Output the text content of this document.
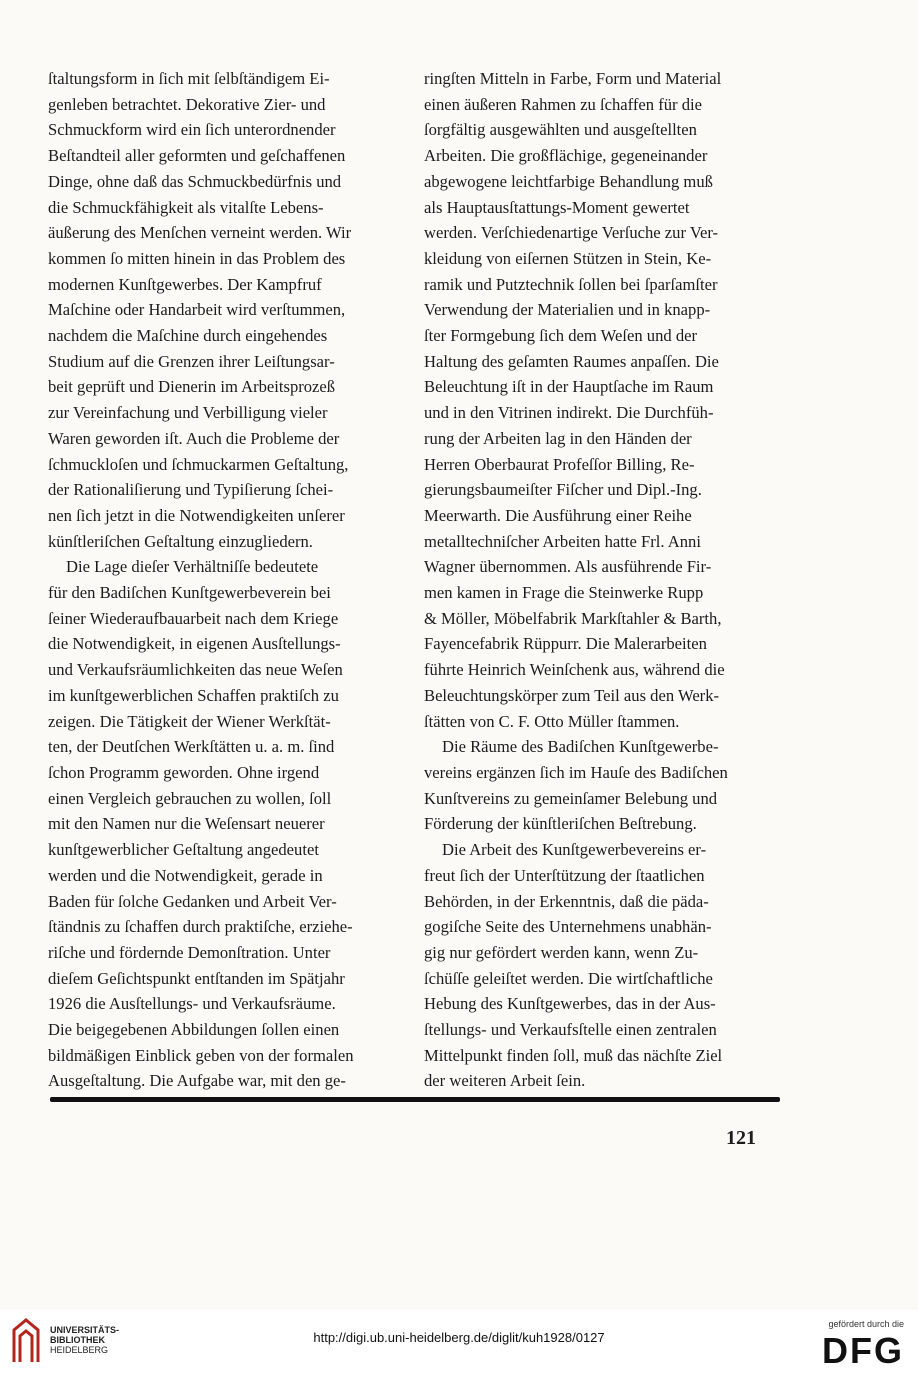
ſtaltungsform in ſich mit ſelbſtändigem Ei-

genleben betrachtet. Dekorative Zier- und

Schmuckform wird ein ſich unterordnender

Beſtandteil aller geformten und geſchaffenen

Dinge, ohne daß das Schmuckbedürfnis und

die Schmuckfähigkeit als vitalſte Lebens-

äußerung des Menſchen verneint werden. Wir

kommen ſo mitten hinein in das Problem des

modernen Kunſtgewerbes. Der Kampfruf

Maſchine oder Handarbeit wird verſtummen,

nachdem die Maſchine durch eingehendes

Studium auf die Grenzen ihrer Leiſtungsar-

beit geprüft und Dienerin im Arbeitsprozeß

zur Vereinfachung und Verbilligung vieler

Waren geworden iſt. Auch die Probleme der

ſchmuckloſen und ſchmuckarmen Geſtaltung,

der Rationaliſierung und Typiſierung ſchei-

nen ſich jetzt in die Notwendigkeiten unſerer

künſtleriſchen Geſtaltung einzugliedern.

Die Lage dieſer Verhältniſſe bedeutete

für den Badiſchen Kunſtgewerbeverein bei

ſeiner Wiederaufbauarbeit nach dem Kriege

die Notwendigkeit, in eigenen Ausſtellungs-

und Verkaufsräumlichkeiten das neue Weſen

im kunſtgewerblichen Schaffen praktiſch zu

zeigen. Die Tätigkeit der Wiener Werkſtät-

ten, der Deutſchen Werkſtätten u. a. m. ſind

ſchon Programm geworden. Ohne irgend

einen Vergleich gebrauchen zu wollen, ſoll

mit den Namen nur die Weſensart neuerer

kunſtgewerblicher Geſtaltung angedeutet

werden und die Notwendigkeit, gerade in

Baden für ſolche Gedanken und Arbeit Ver-

ſtändnis zu ſchaffen durch praktiſche, erziehe-

riſche und fördernde Demonſtration. Unter

dieſem Geſichtspunkt entſtanden im Spätjahr

1926 die Ausſtellungs- und Verkaufsräume.

Die beigegebenen Abbildungen ſollen einen

bildmäßigen Einblick geben von der formalen

Ausgeſtaltung. Die Aufgabe war, mit den ge-

ringſten Mitteln in Farbe, Form und Material

einen äußeren Rahmen zu ſchaffen für die

ſorgfältig ausgewählten und ausgeſtellten

Arbeiten. Die großflächige, gegeneinander

abgewogene leichtfarbige Behandlung muß

als Hauptausſtattungs-Moment gewertet

werden. Verſchiedenartige Verſuche zur Ver-

kleidung von eiſernen Stützen in Stein, Ke-

ramik und Putztechnik ſollen bei ſparſamſter

Verwendung der Materialien und in knapp-

ſter Formgebung ſich dem Weſen und der

Haltung des geſamten Raumes anpaſſen. Die

Beleuchtung iſt in der Hauptſache im Raum

und in den Vitrinen indirekt. Die Durchfüh-

rung der Arbeiten lag in den Händen der

Herren Oberbaurat Profeſſor Billing, Re-

gierungsbaumeiſter Fiſcher und Dipl.-Ing.

Meerwarth. Die Ausführung einer Reihe

metalltechniſcher Arbeiten hatte Frl. Anni

Wagner übernommen. Als ausführende Fir-

men kamen in Frage die Steinwerke Rupp

& Möller, Möbelfabrik Markſtahler & Barth,

Fayencefabrik Rüppurr. Die Malerarbeiten

führte Heinrich Weinſchenk aus, während die

Beleuchtungskörper zum Teil aus den Werk-

ſtätten von C. F. Otto Müller ſtammen.

Die Räume des Badiſchen Kunſtgewerbe-

vereins ergänzen ſich im Hauſe des Badiſchen

Kunſtvereins zu gemeinſamer Belebung und

Förderung der künſtleriſchen Beſtrebung.

Die Arbeit des Kunſtgewerbevereins er-

freut ſich der Unterſtützung der ſtaatlichen

Behörden, in der Erkenntnis, daß die päda-

gogiſche Seite des Unternehmens unabhän-

gig nur gefördert werden kann, wenn Zu-

ſchüſſe geleiſtet werden. Die wirtſchaftliche

Hebung des Kunſtgewerbes, das in der Aus-

ſtellungs- und Verkaufsſtelle einen zentralen

Mittelpunkt finden ſoll, muß das nächſte Ziel

der weiteren Arbeit ſein.

121
UNIVERSITÄTS-
BIBLIOTHEK
HEIDELBERG
http://digi.ub.uni-heidelberg.de/diglit/kuh1928/0127
gefördert durch die
DFG
